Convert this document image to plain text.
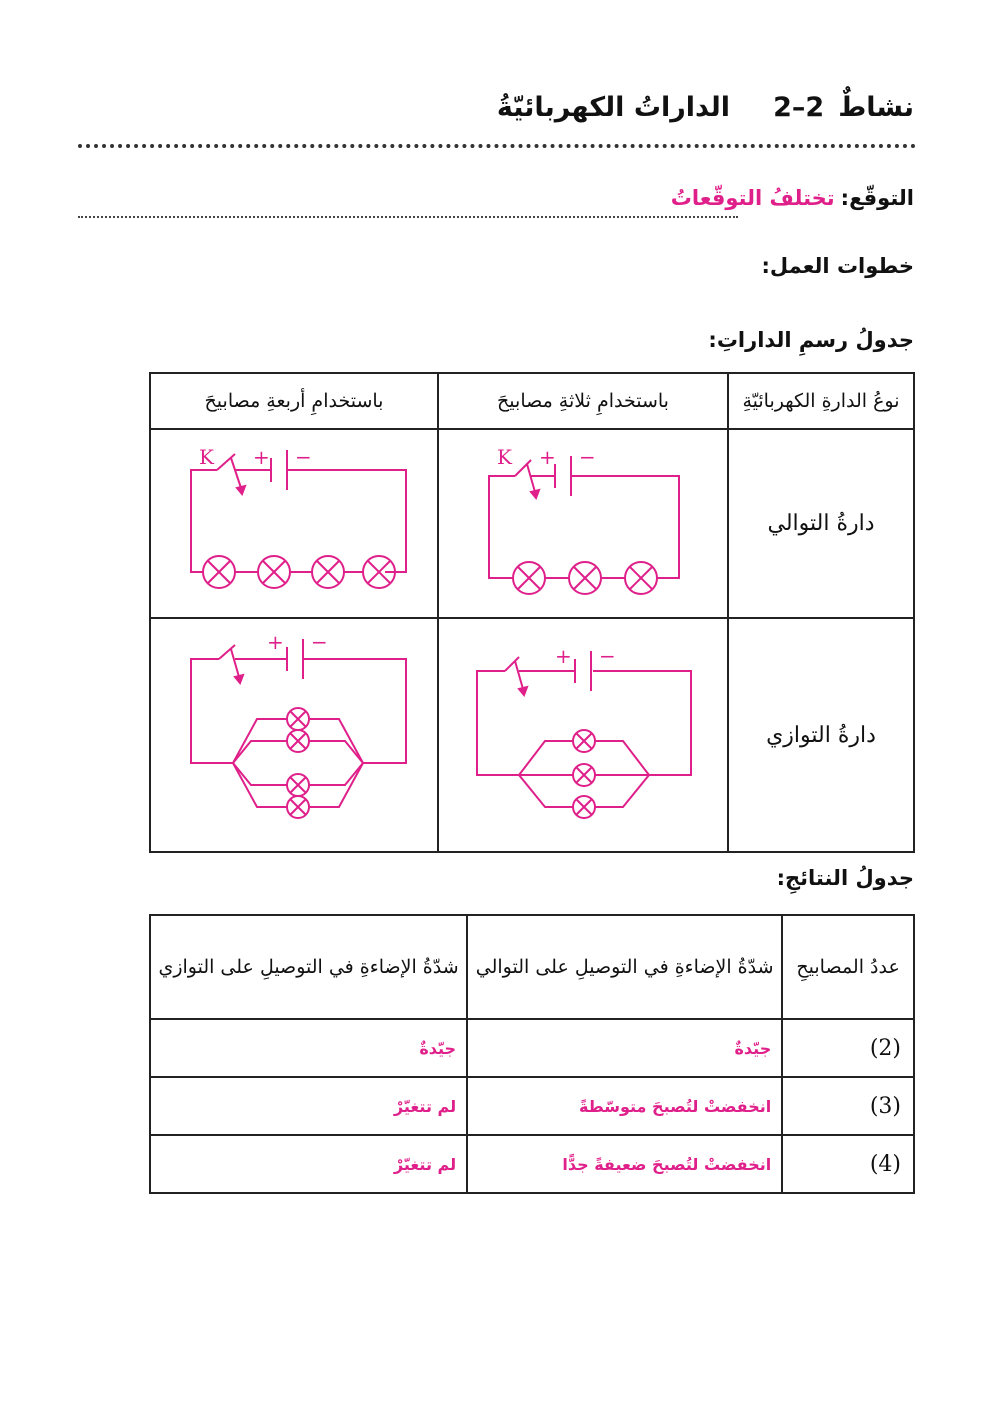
نشاطٌ
2–2
الداراتُ الكهربائيّةُ
التوقّع:
تختلفُ التوقّعاتُ
خطوات العمل:
جدولُ رسمِ الداراتِ:
باستخدامِ أربعةِ مصابيحَ	باستخدامِ ثلاثةِ مصابيحَ	نوعُ الدارةِ الكهربائيّةِ

K + −	K + −	دارةُ التوالي

+ −	+ −	دارةُ التوازي
جدولُ النتائجِ:
شدّةُ الإضاءةِ في التوصيلِ على التوازي	شدّةُ الإضاءةِ في التوصيلِ على التوالي	عددُ المصابيحِ
جيّدةٌ	جيّدةٌ	(2)
لم تتغيّرْ	انخفضتْ لتُصبحَ متوسّطةً	(3)
لم تتغيّرْ	انخفضتْ لتُصبحَ ضعيفةً جدًّا	(4)
